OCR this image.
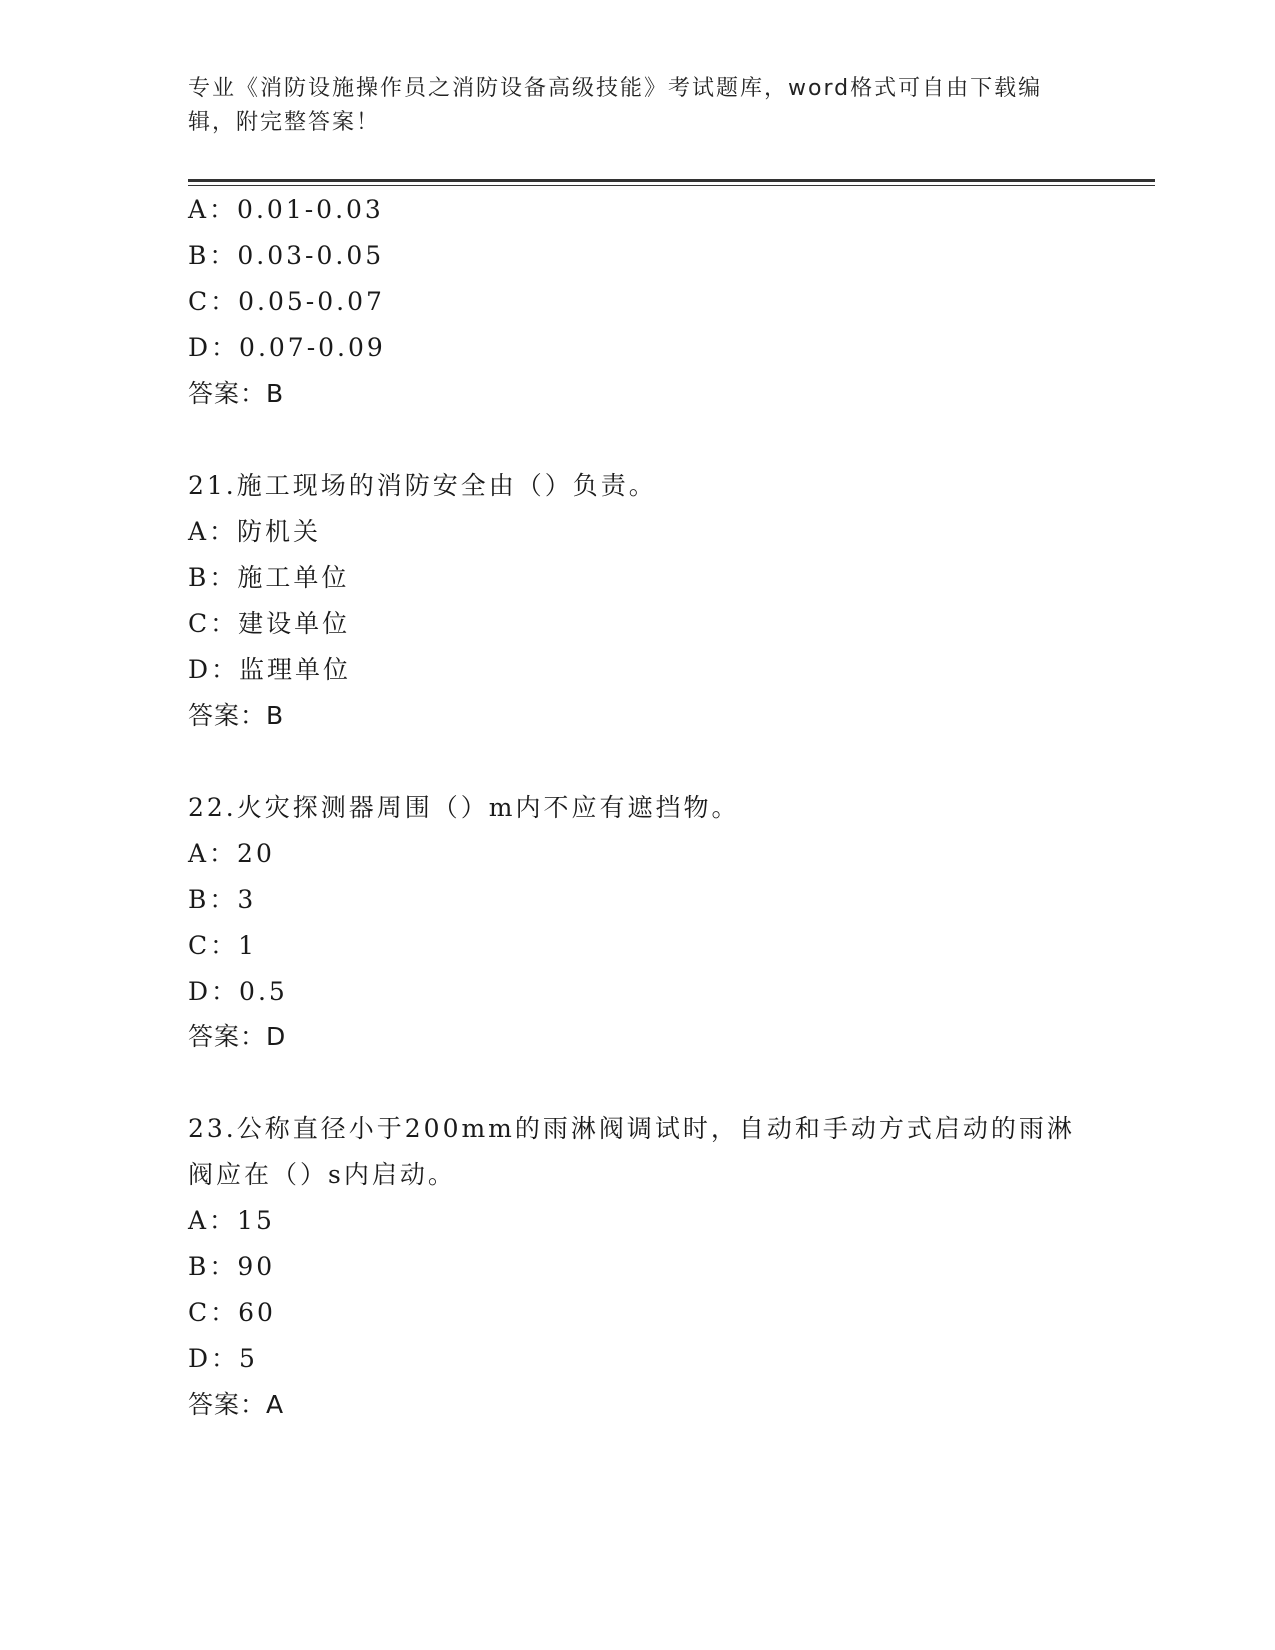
专业《消防设施操作员之消防设备高级技能》考试题库，word格式可自由下载编辑，附完整答案！
A：0.01-0.03
B：0.03-0.05
C：0.05-0.07
D：0.07-0.09
答案：B
21.施工现场的消防安全由（）负责。
A：防机关
B：施工单位
C：建设单位
D：监理单位
答案：B
22.火灾探测器周围（）m内不应有遮挡物。
A：20
B：3
C：1
D：0.5
答案：D
23.公称直径小于200mm的雨淋阀调试时，自动和手动方式启动的雨淋
阀应在（）s内启动。
A：15
B：90
C：60
D：5
答案：A
